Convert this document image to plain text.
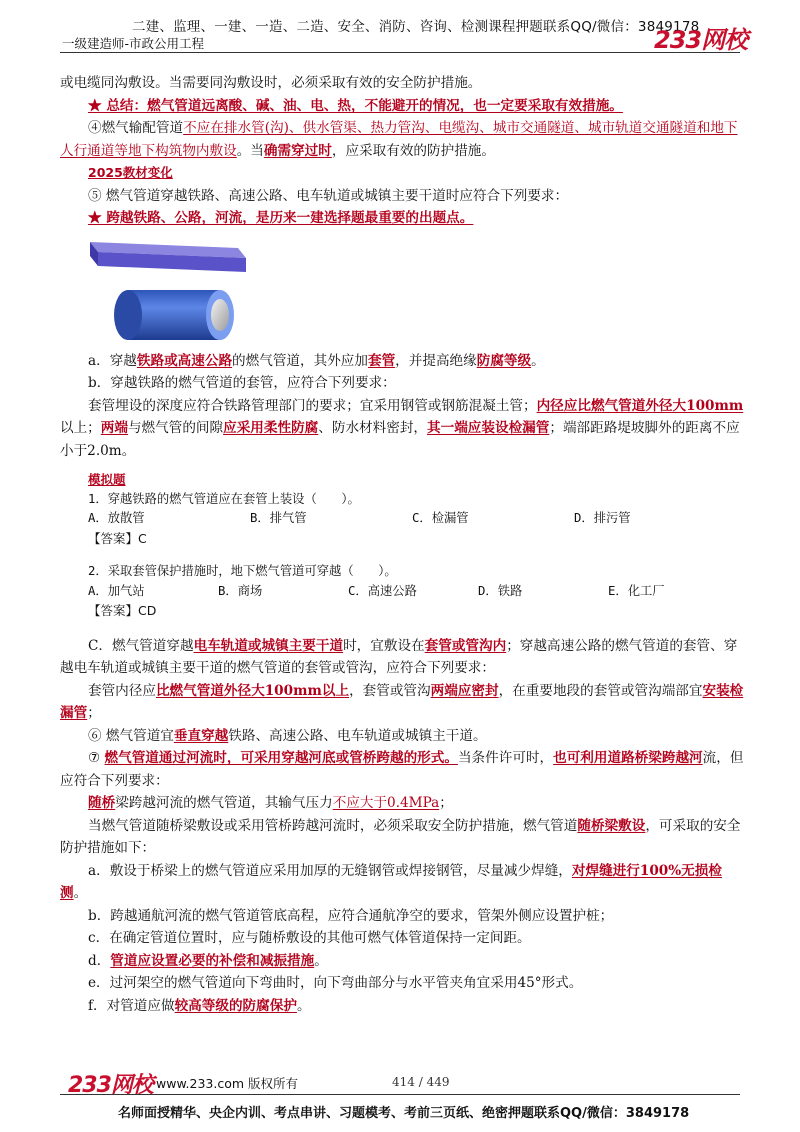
二建、监理、一建、一造、二造、安全、消防、咨询、检测课程押题联系QQ/微信：3849178
一级建造师-市政公用工程	233网校

或电缆同沟敷设。当需要同沟敷设时，必须采取有效的安全防护措施。

★ 总结：燃气管道远离酸、碱、油、电、热，不能避开的情况，也一定要采取有效措施。

④燃气输配管道不应在排水管(沟)、供水管渠、热力管沟、电缆沟、城市交通隧道、城市轨道交通隧道和地下人行通道等地下构筑物内敷设。当确需穿过时，应采取有效的防护措施。

2025教材变化

⑤ 燃气管道穿越铁路、高速公路、电车轨道或城镇主要干道时应符合下列要求：

★ 跨越铁路、公路，河流，是历来一建选择题最重要的出题点。

a．穿越铁路或高速公路的燃气管道，其外应加套管，并提高绝缘防腐等级。

b．穿越铁路的燃气管道的套管，应符合下列要求：

套管埋设的深度应符合铁路管理部门的要求；宜采用钢管或钢筋混凝土管；内径应比燃气管道外径大100mm以上；两端与燃气管的间隙应采用柔性防腐、防水材料密封，其一端应装设检漏管；端部距路堤坡脚外的距离不应小于2.0m。

模拟题
1．穿越铁路的燃气管道应在套管上装设（　　）。
A．放散管	B．排气管	C．检漏管	D．排污管
【答案】C
2．采取套管保护措施时，地下燃气管道可穿越（　　）。
A．加气站	B．商场	C．高速公路	D．铁路	E．化工厂
【答案】CD

C．燃气管道穿越电车轨道或城镇主要干道时，宜敷设在套管或管沟内；穿越高速公路的燃气管道的套管、穿越电车轨道或城镇主要干道的燃气管道的套管或管沟，应符合下列要求：

套管内径应比燃气管道外径大100mm以上，套管或管沟两端应密封，在重要地段的套管或管沟端部宜安装检漏管；

⑥ 燃气管道宜垂直穿越铁路、高速公路、电车轨道或城镇主干道。

⑦ 燃气管道通过河流时，可采用穿越河底或管桥跨越的形式。当条件许可时，也可利用道路桥梁跨越河流，但应符合下列要求：

随桥梁跨越河流的燃气管道，其输气压力不应大于0.4MPa；

当燃气管道随桥梁敷设或采用管桥跨越河流时，必须采取安全防护措施，燃气管道随桥梁敷设，可采取的安全防护措施如下：

a．敷设于桥梁上的燃气管道应采用加厚的无缝钢管或焊接钢管，尽量减少焊缝，对焊缝进行100%无损检测。

b．跨越通航河流的燃气管道管底高程，应符合通航净空的要求，管架外侧应设置护桩；

c．在确定管道位置时，应与随桥敷设的其他可燃气体管道保持一定间距。

d．管道应设置必要的补偿和减振措施。

e．过河架空的燃气管道向下弯曲时，向下弯曲部分与水平管夹角宜采用45°形式。

f．对管道应做较高等级的防腐保护。

233网校 www.233.com 版权所有	414 / 449
名师面授精华、央企内训、考点串讲、习题模考、考前三页纸、绝密押题联系QQ/微信：3849178
